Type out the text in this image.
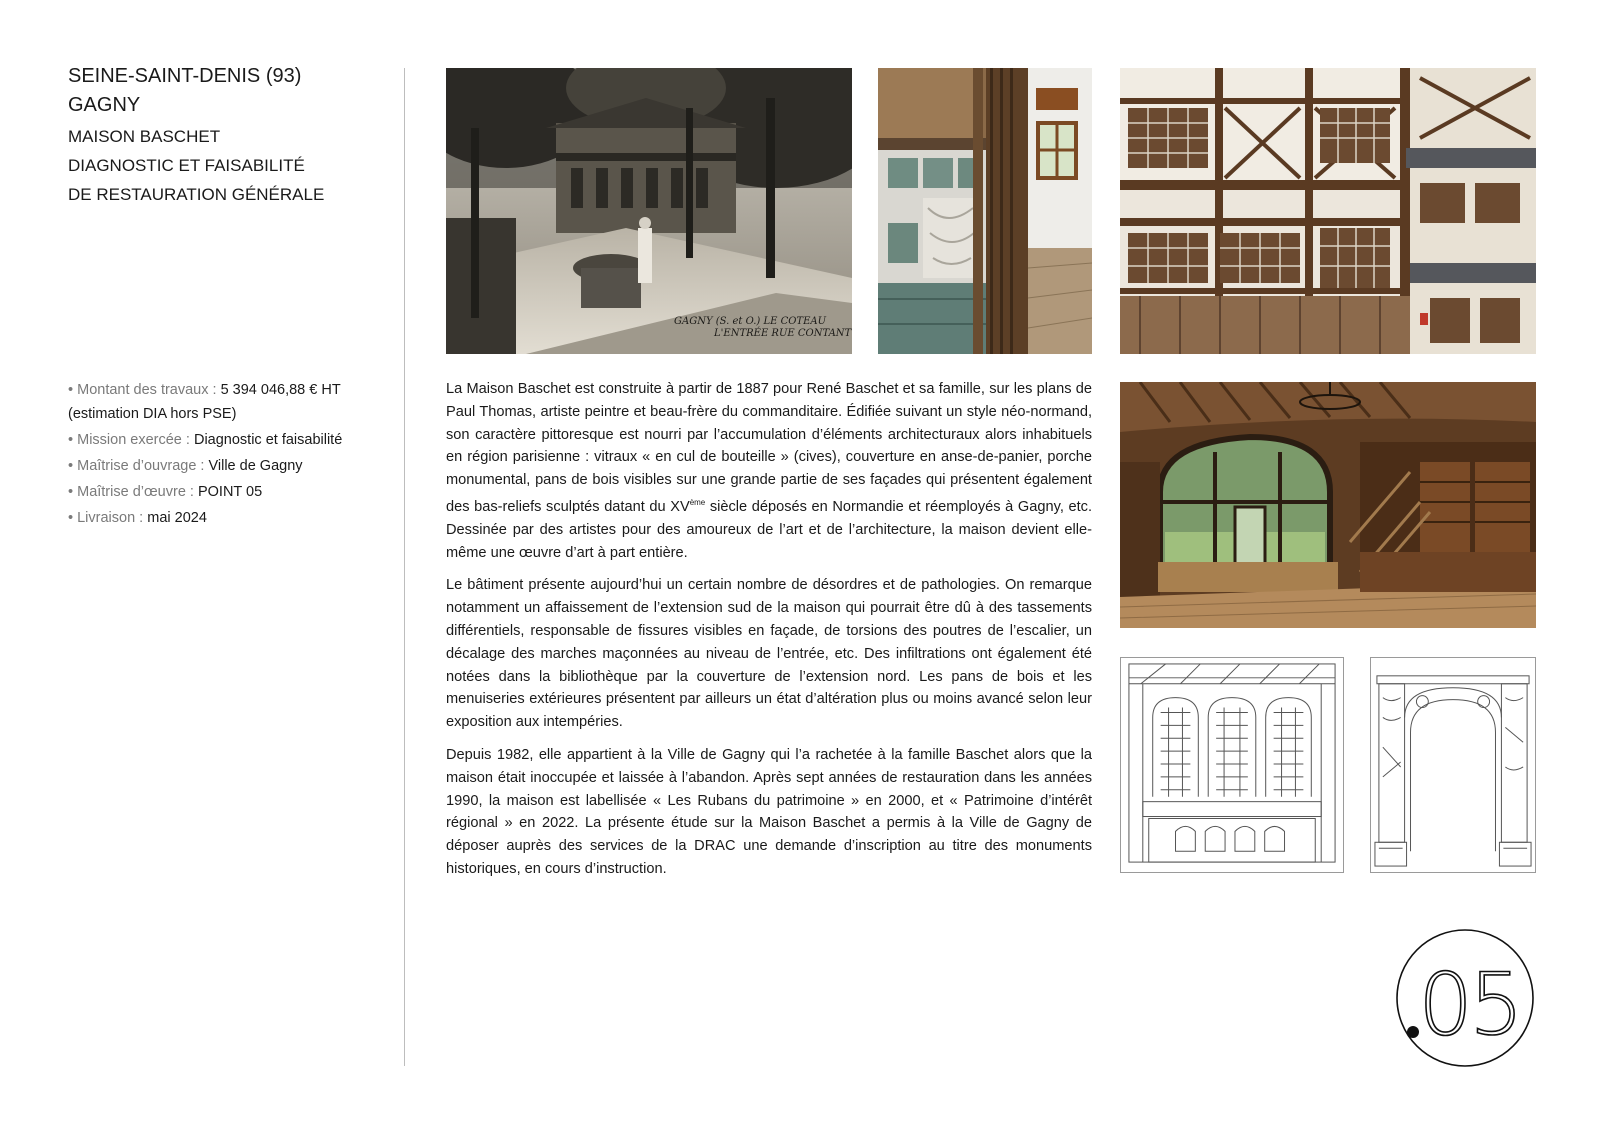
SEINE-SAINT-DENIS (93)
GAGNY
MAISON BASCHET
DIAGNOSTIC ET FAISABILITÉ
DE RESTAURATION GÉNÉRALE
• Montant des travaux : 5 394 046,88 € HT (estimation DIA hors PSE)
• Mission exercée : Diagnostic et faisabilité
• Maîtrise d’ouvrage : Ville de Gagny
• Maîtrise d’œuvre : POINT 05
• Livraison : mai 2024
GAGNY (S. et O.) LE COTEAU
L'ENTRÉE RUE CONTANT

La Maison Baschet est construite à partir de 1887 pour René Baschet et sa famille, sur les plans de Paul Thomas, artiste peintre et beau-frère du commanditaire. Édifiée suivant un style néo-normand, son caractère pittoresque est nourri par l’accumulation d’éléments architecturaux alors inhabituels en région parisienne : vitraux « en cul de bouteille » (cives), couverture en anse-de-panier, porche monumental, pans de bois visibles sur une grande partie de ses façades qui présentent également des bas-reliefs sculptés datant du XVème siècle déposés en Normandie et réemployés à Gagny, etc. Dessinée par des artistes pour des amoureux de l’art et de l’architecture, la maison devient elle-même une œuvre d’art à part entière.

Le bâtiment présente aujourd’hui un certain nombre de désordres et de pathologies. On remarque notamment un affaissement de l’extension sud de la maison qui pourrait être dû à des tassements différentiels, responsable de fissures visibles en façade, de torsions des poutres de l’escalier, un décalage des marches maçonnées au niveau de l’entrée, etc. Des infiltrations ont également été notées dans la bibliothèque par la couverture de l’extension nord. Les pans de bois et les menuiseries extérieures présentent par ailleurs un état d’altération plus ou moins avancé selon leur exposition aux intempéries.

Depuis 1982, elle appartient à la Ville de Gagny qui l’a rachetée à la famille Baschet alors que la maison était inoccupée et laissée à l’abandon. Après sept années de restauration dans les années 1990, la maison est labellisée « Les Rubans du patrimoine » en 2000, et « Patrimoine d’intérêt régional » en 2022. La présente étude sur la Maison Baschet a permis à la Ville de Gagny de déposer auprès des services de la DRAC une demande d’inscription au titre des monuments historiques, en cours d’instruction.

05
